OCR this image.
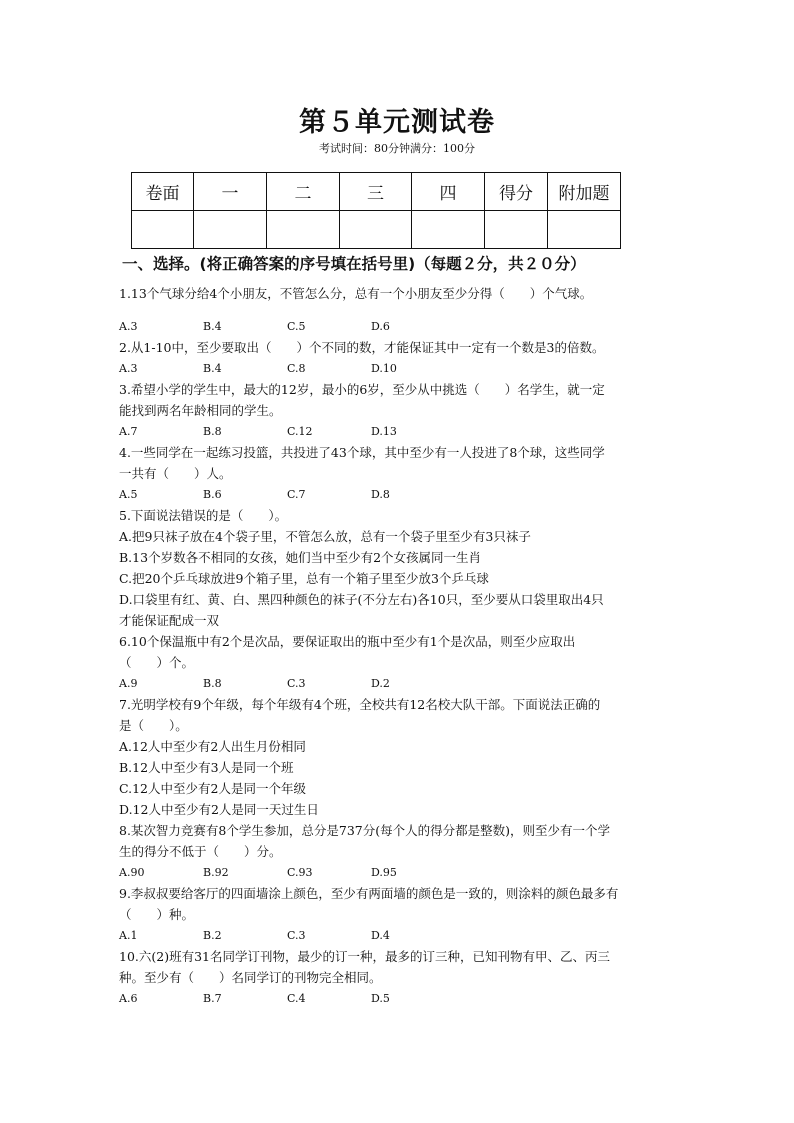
第５单元测试卷
考试时间：80分钟满分：100分
卷面	一	二	三	四	得分	附加题

一、选择。(将正确答案的序号填在括号里)（每题２分，共２０分）
1.13个气球分给4个小朋友，不管怎么分，总有一个小朋友至少分得（　　）个气球。
A.3	B.4	C.5	D.6
2.从1-10中，至少要取出（　　）个不同的数，才能保证其中一定有一个数是3的倍数。
A.3	B.4	C.8	D.10
3.希望小学的学生中，最大的12岁，最小的6岁，至少从中挑选（　　）名学生，就一定
能找到两名年龄相同的学生。
A.7	B.8	C.12	D.13
4.一些同学在一起练习投篮，共投进了43个球，其中至少有一人投进了8个球，这些同学
一共有（　　）人。
A.5	B.6	C.7	D.8
5.下面说法错误的是（　　）。
A.把9只袜子放在4个袋子里，不管怎么放，总有一个袋子里至少有3只袜子
B.13个岁数各不相同的女孩，她们当中至少有2个女孩属同一生肖
C.把20个乒乓球放进9个箱子里，总有一个箱子里至少放3个乒乓球
D.口袋里有红、黄、白、黑四种颜色的袜子(不分左右)各10只，至少要从口袋里取出4只
才能保证配成一双
6.10个保温瓶中有2个是次品，要保证取出的瓶中至少有1个是次品，则至少应取出
（　　）个。
A.9	B.8	C.3	D.2
7.光明学校有9个年级，每个年级有4个班，全校共有12名校大队干部。下面说法正确的
是（　　）。
A.12人中至少有2人出生月份相同
B.12人中至少有3人是同一个班
C.12人中至少有2人是同一个年级
D.12人中至少有2人是同一天过生日
8.某次智力竞赛有8个学生参加，总分是737分(每个人的得分都是整数)，则至少有一个学
生的得分不低于（　　）分。
A.90	B.92	C.93	D.95
9.李叔叔要给客厅的四面墙涂上颜色，至少有两面墙的颜色是一致的，则涂料的颜色最多有
（　　）种。
A.1	B.2	C.3	D.4
10.六(2)班有31名同学订刊物，最少的订一种，最多的订三种，已知刊物有甲、乙、丙三
种。至少有（　　）名同学订的刊物完全相同。
A.6	B.7	C.4	D.5
